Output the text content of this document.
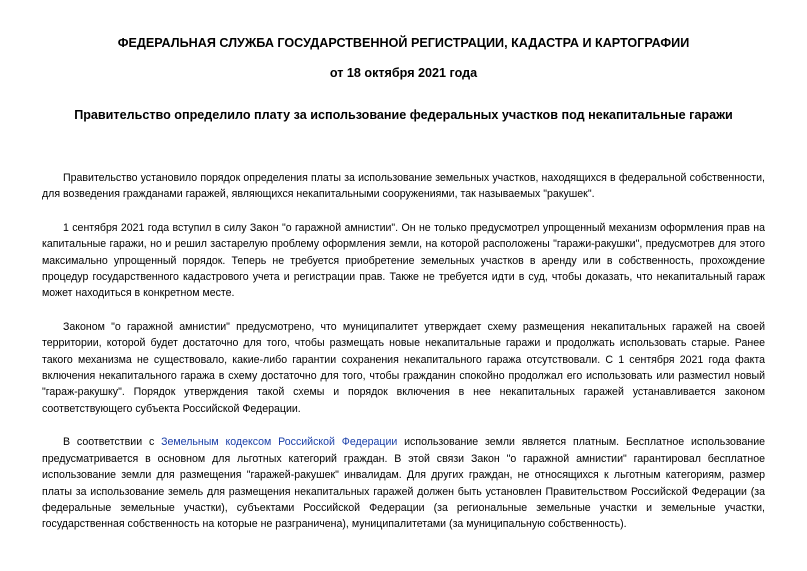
ФЕДЕРАЛЬНАЯ СЛУЖБА ГОСУДАРСТВЕННОЙ РЕГИСТРАЦИИ, КАДАСТРА И КАРТОГРАФИИ
от 18 октября 2021 года
Правительство определило плату за использование федеральных участков под некапитальные гаражи

Правительство установило порядок определения платы за использование земельных участков, находящихся в федеральной собственности, для возведения гражданами гаражей, являющихся некапитальными сооружениями, так называемых "ракушек".

1 сентября 2021 года вступил в силу Закон "о гаражной амнистии". Он не только предусмотрел упрощенный механизм оформления прав на капитальные гаражи, но и решил застарелую проблему оформления земли, на которой расположены "гаражи-ракушки", предусмотрев для этого максимально упрощенный порядок. Теперь не требуется приобретение земельных участков в аренду или в собственность, прохождение процедур государственного кадастрового учета и регистрации прав. Также не требуется идти в суд, чтобы доказать, что некапитальный гараж может находиться в конкретном месте.

Законом "о гаражной амнистии" предусмотрено, что муниципалитет утверждает схему размещения некапитальных гаражей на своей территории, которой будет достаточно для того, чтобы размещать новые некапитальные гаражи и продолжать использовать старые. Ранее такого механизма не существовало, какие-либо гарантии сохранения некапитального гаража отсутствовали. С 1 сентября 2021 года факта включения некапитального гаража в схему достаточно для того, чтобы гражданин спокойно продолжал его использовать или разместил новый "гараж-ракушку". Порядок утверждения такой схемы и порядок включения в нее некапитальных гаражей устанавливается законом соответствующего субъекта Российской Федерации.

В соответствии с Земельным кодексом Российской Федерации использование земли является платным. Бесплатное использование предусматривается в основном для льготных категорий граждан. В этой связи Закон "о гаражной амнистии" гарантировал бесплатное использование земли для размещения "гаражей-ракушек" инвалидам. Для других граждан, не относящихся к льготным категориям, размер платы за использование земель для размещения некапитальных гаражей должен быть установлен Правительством Российской Федерации (за федеральные земельные участки), субъектами Российской Федерации (за региональные земельные участки и земельные участки, государственная собственность на которые не разграничена), муниципалитетами (за муниципальную собственность).
